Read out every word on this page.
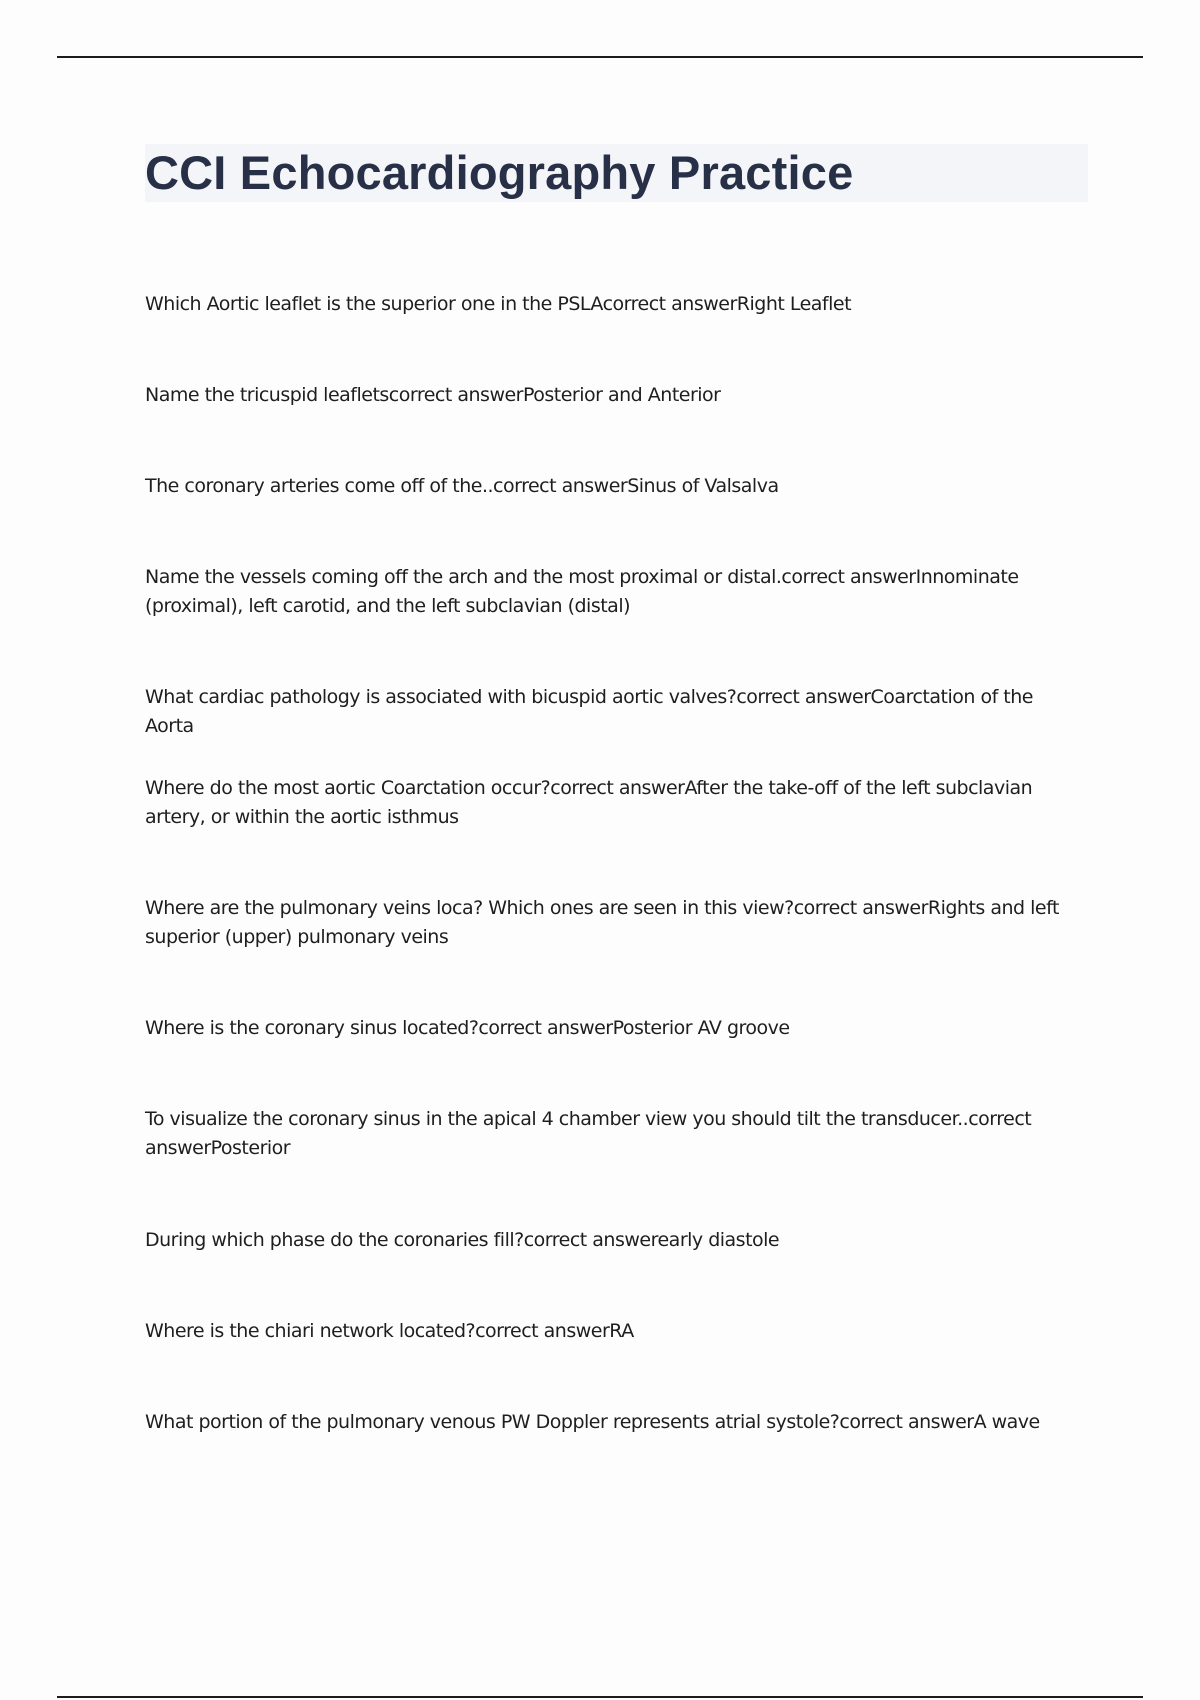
CCI Echocardiography Practice

Which Aortic leaflet is the superior one in the PSLAcorrect answerRight Leaflet

Name the tricuspid leafletscorrect answerPosterior and Anterior

The coronary arteries come off of the..correct answerSinus of Valsalva

Name the vessels coming off the arch and the most proximal or distal.correct answerInnominate (proximal), left carotid, and the left subclavian (distal)

What cardiac pathology is associated with bicuspid aortic valves?correct answerCoarctation of the Aorta

Where do the most aortic Coarctation occur?correct answerAfter the take-off of the left subclavian artery, or within the aortic isthmus

Where are the pulmonary veins loca? Which ones are seen in this view?correct answerRights and left superior (upper) pulmonary veins

Where is the coronary sinus located?correct answerPosterior AV groove

To visualize the coronary sinus in the apical 4 chamber view you should tilt the transducer..correct answerPosterior

During which phase do the coronaries fill?correct answerearly diastole

Where is the chiari network located?correct answerRA

What portion of the pulmonary venous PW Doppler represents atrial systole?correct answerA wave
